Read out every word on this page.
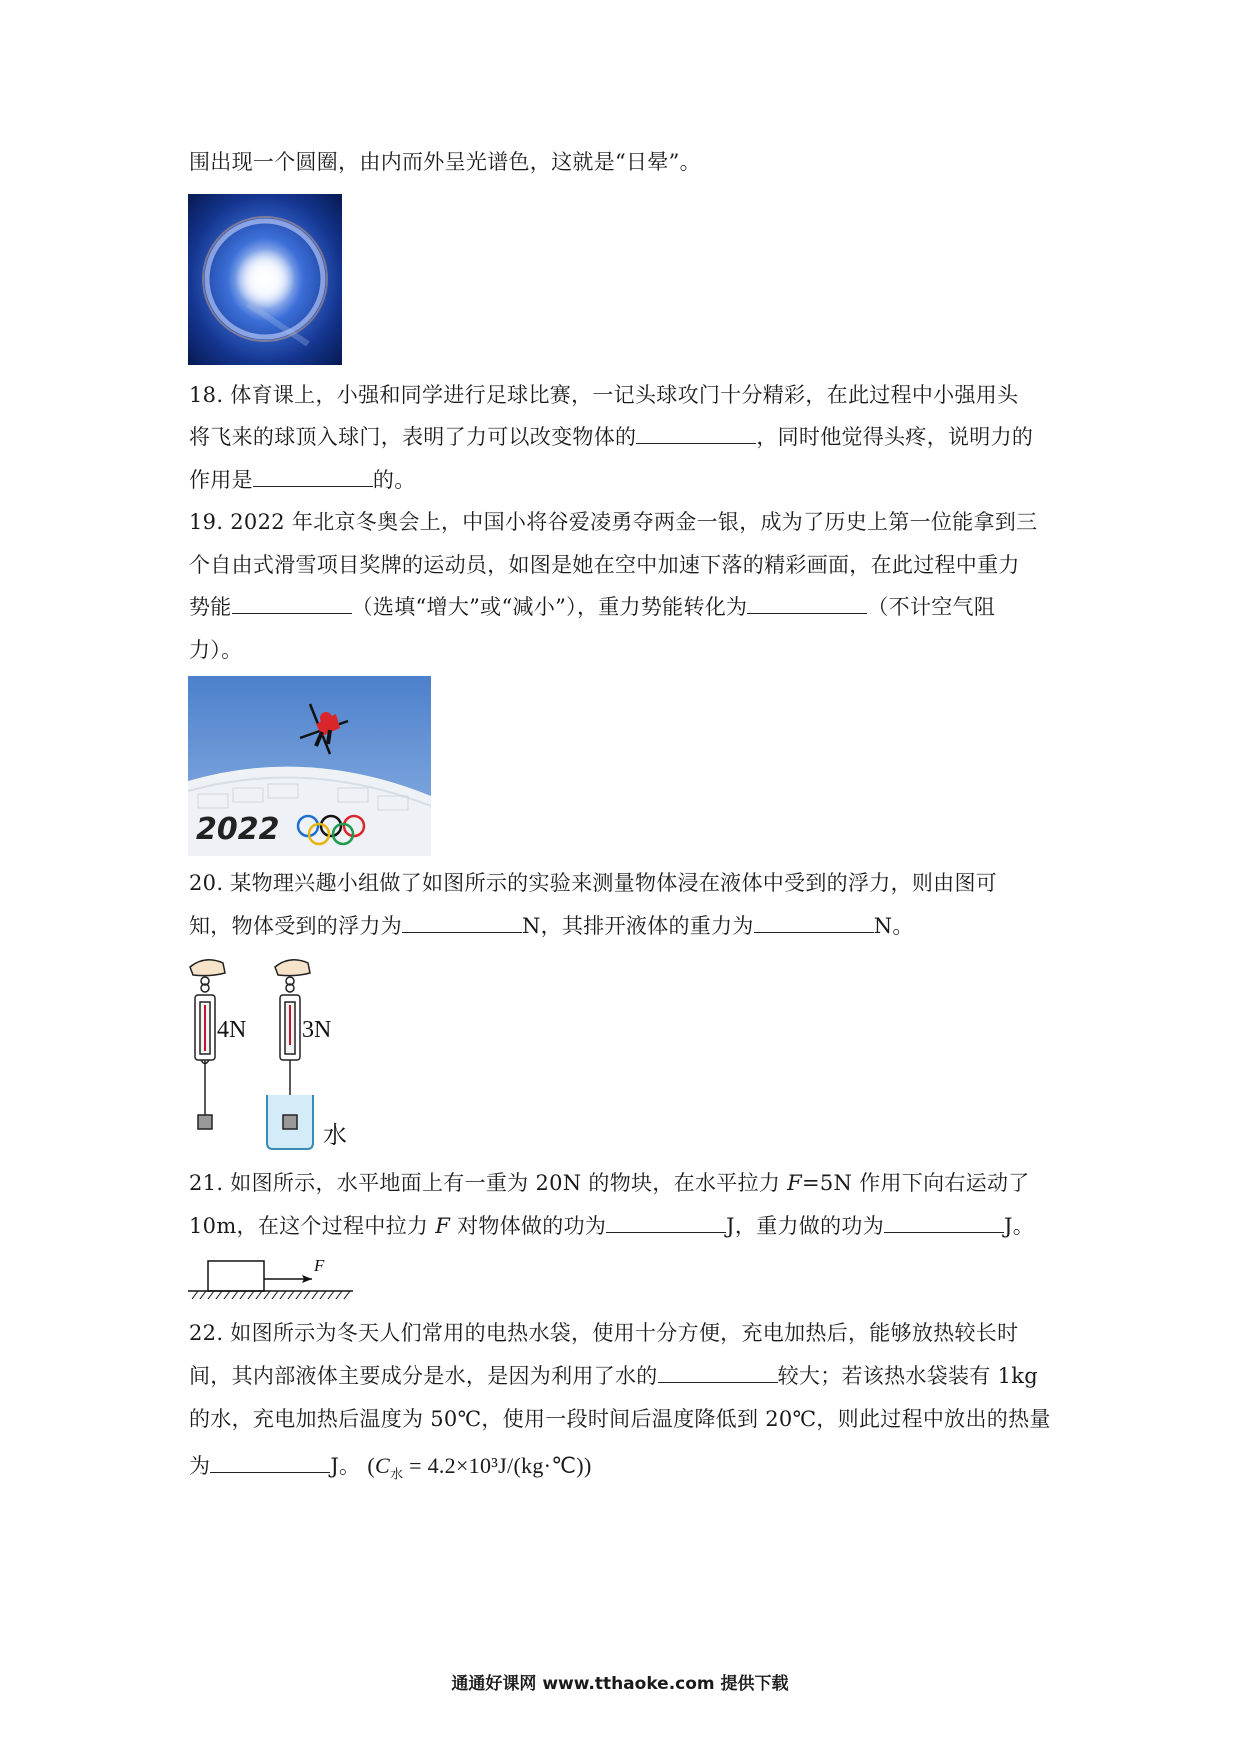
围出现一个圆圈，由内而外呈光谱色，这就是“日晕”。
18. 体育课上，小强和同学进行足球比赛，一记头球攻门十分精彩，在此过程中小强用头
将飞来的球顶入球门，表明了力可以改变物体的	，同时他觉得头疼，说明力的
作用是	的。
19. 2022 年北京冬奥会上，中国小将谷爱凌勇夺两金一银，成为了历史上第一位能拿到三
个自由式滑雪项目奖牌的运动员，如图是她在空中加速下落的精彩画面，在此过程中重力
势能	（选填“增大”或“减小”），重力势能转化为	（不计空气阻
力）。
2022
20. 某物理兴趣小组做了如图所示的实验来测量物体浸在液体中受到的浮力，则由图可
知，物体受到的浮力为	N，其排开液体的重力为	N。
4N 3N
水
21. 如图所示，水平地面上有一重为 20N 的物块，在水平拉力 F=5N 作用下向右运动了
10m，在这个过程中拉力 F 对物体做的功为	J，重力做的功为	J。
F
22. 如图所示为冬天人们常用的电热水袋，使用十分方便，充电加热后，能够放热较长时
间，其内部液体主要成分是水，是因为利用了水的	较大；若该热水袋装有 1kg
的水，充电加热后温度为 50℃，使用一段时间后温度降低到 20℃，则此过程中放出的热量
为	J。 ($C_水$ = 4.2×10³J/(kg·℃))
通通好课网 www.tthaoke.com 提供下载
